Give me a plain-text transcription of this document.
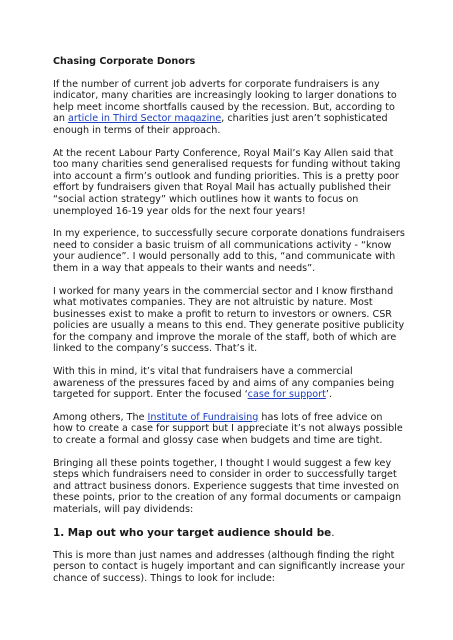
Chasing Corporate Donors

If the number of current job adverts for corporate fundraisers is any indicator, many charities are increasingly looking to larger donations to help meet income shortfalls caused by the recession. But, according to an article in Third Sector magazine, charities just aren’t sophisticated enough in terms of their approach.

At the recent Labour Party Conference, Royal Mail’s Kay Allen said that too many charities send generalised requests for funding without taking into account a firm’s outlook and funding priorities. This is a pretty poor effort by fundraisers given that Royal Mail has actually published their “social action strategy” which outlines how it wants to focus on unemployed 16-19 year olds for the next four years!

In my experience, to successfully secure corporate donations fundraisers need to consider a basic truism of all communications activity - “know your audience”. I would personally add to this, “and communicate with them in a way that appeals to their wants and needs”.

I worked for many years in the commercial sector and I know firsthand what motivates companies. They are not altruistic by nature. Most businesses exist to make a profit to return to investors or owners. CSR policies are usually a means to this end. They generate positive publicity for the company and improve the morale of the staff, both of which are linked to the company’s success. That’s it.

With this in mind, it’s vital that fundraisers have a commercial awareness of the pressures faced by and aims of any companies being targeted for support. Enter the focused ‘case for support’.

Among others, The Institute of Fundraising has lots of free advice on how to create a case for support but I appreciate it’s not always possible to create a formal and glossy case when budgets and time are tight.

Bringing all these points together, I thought I would suggest a few key steps which fundraisers need to consider in order to successfully target and attract business donors. Experience suggests that time invested on these points, prior to the creation of any formal documents or campaign materials, will pay dividends:

1. Map out who your target audience should be.

This is more than just names and addresses (although finding the right person to contact is hugely important and can significantly increase your chance of success). Things to look for include:
